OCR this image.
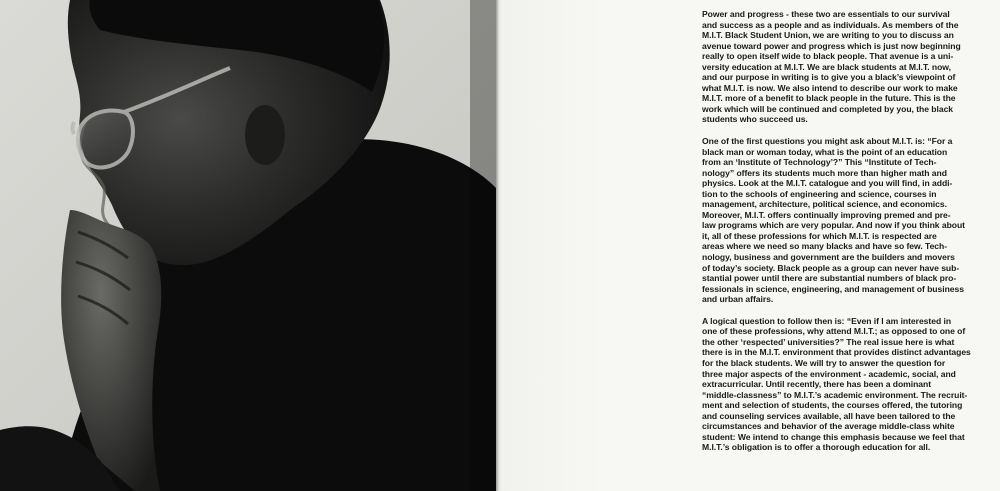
Power and progress - these two are essentials to our survival
and success as a people and as individuals. As members of the
M.I.T. Black Student Union, we are writing to you to discuss an
avenue toward power and progress which is just now beginning
really to open itself wide to black people. That avenue is a uni-
versity education at M.I.T. We are black students at M.I.T. now,
and our purpose in writing is to give you a black’s viewpoint of
what M.I.T. is now. We also intend to describe our work to make
M.I.T. more of a benefit to black people in the future. This is the
work which will be continued and completed by you, the black
students who succeed us.

One of the first questions you might ask about M.I.T. is: “For a
black man or woman today, what is the point of an education
from an ‘Institute of Technology’?” This “Institute of Tech-
nology” offers its students much more than higher math and
physics. Look at the M.I.T. catalogue and you will find, in addi-
tion to the schools of engineering and science, courses in
management, architecture, political science, and economics.
Moreover, M.I.T. offers continually improving premed and pre-
law programs which are very popular. And now if you think about
it, all of these professions for which M.I.T. is respected are
areas where we need so many blacks and have so few. Tech-
nology, business and government are the builders and movers
of today’s society. Black people as a group can never have sub-
stantial power until there are substantial numbers of black pro-
fessionals in science, engineering, and management of business
and urban affairs.

A logical question to follow then is: “Even if I am interested in
one of these professions, why attend M.I.T.; as opposed to one of
the other ‘respected’ universities?” The real issue here is what
there is in the M.I.T. environment that provides distinct advantages
for the black students. We will try to answer the question for
three major aspects of the environment - academic, social, and
extracurricular. Until recently, there has been a dominant
“middle-classness” to M.I.T.’s academic environment. The recruit-
ment and selection of students, the courses offered, the tutoring
and counseling services available, all have been tailored to the
circumstances and behavior of the average middle-class white
student: We intend to change this emphasis because we feel that
M.I.T.’s obligation is to offer a thorough education for all.
